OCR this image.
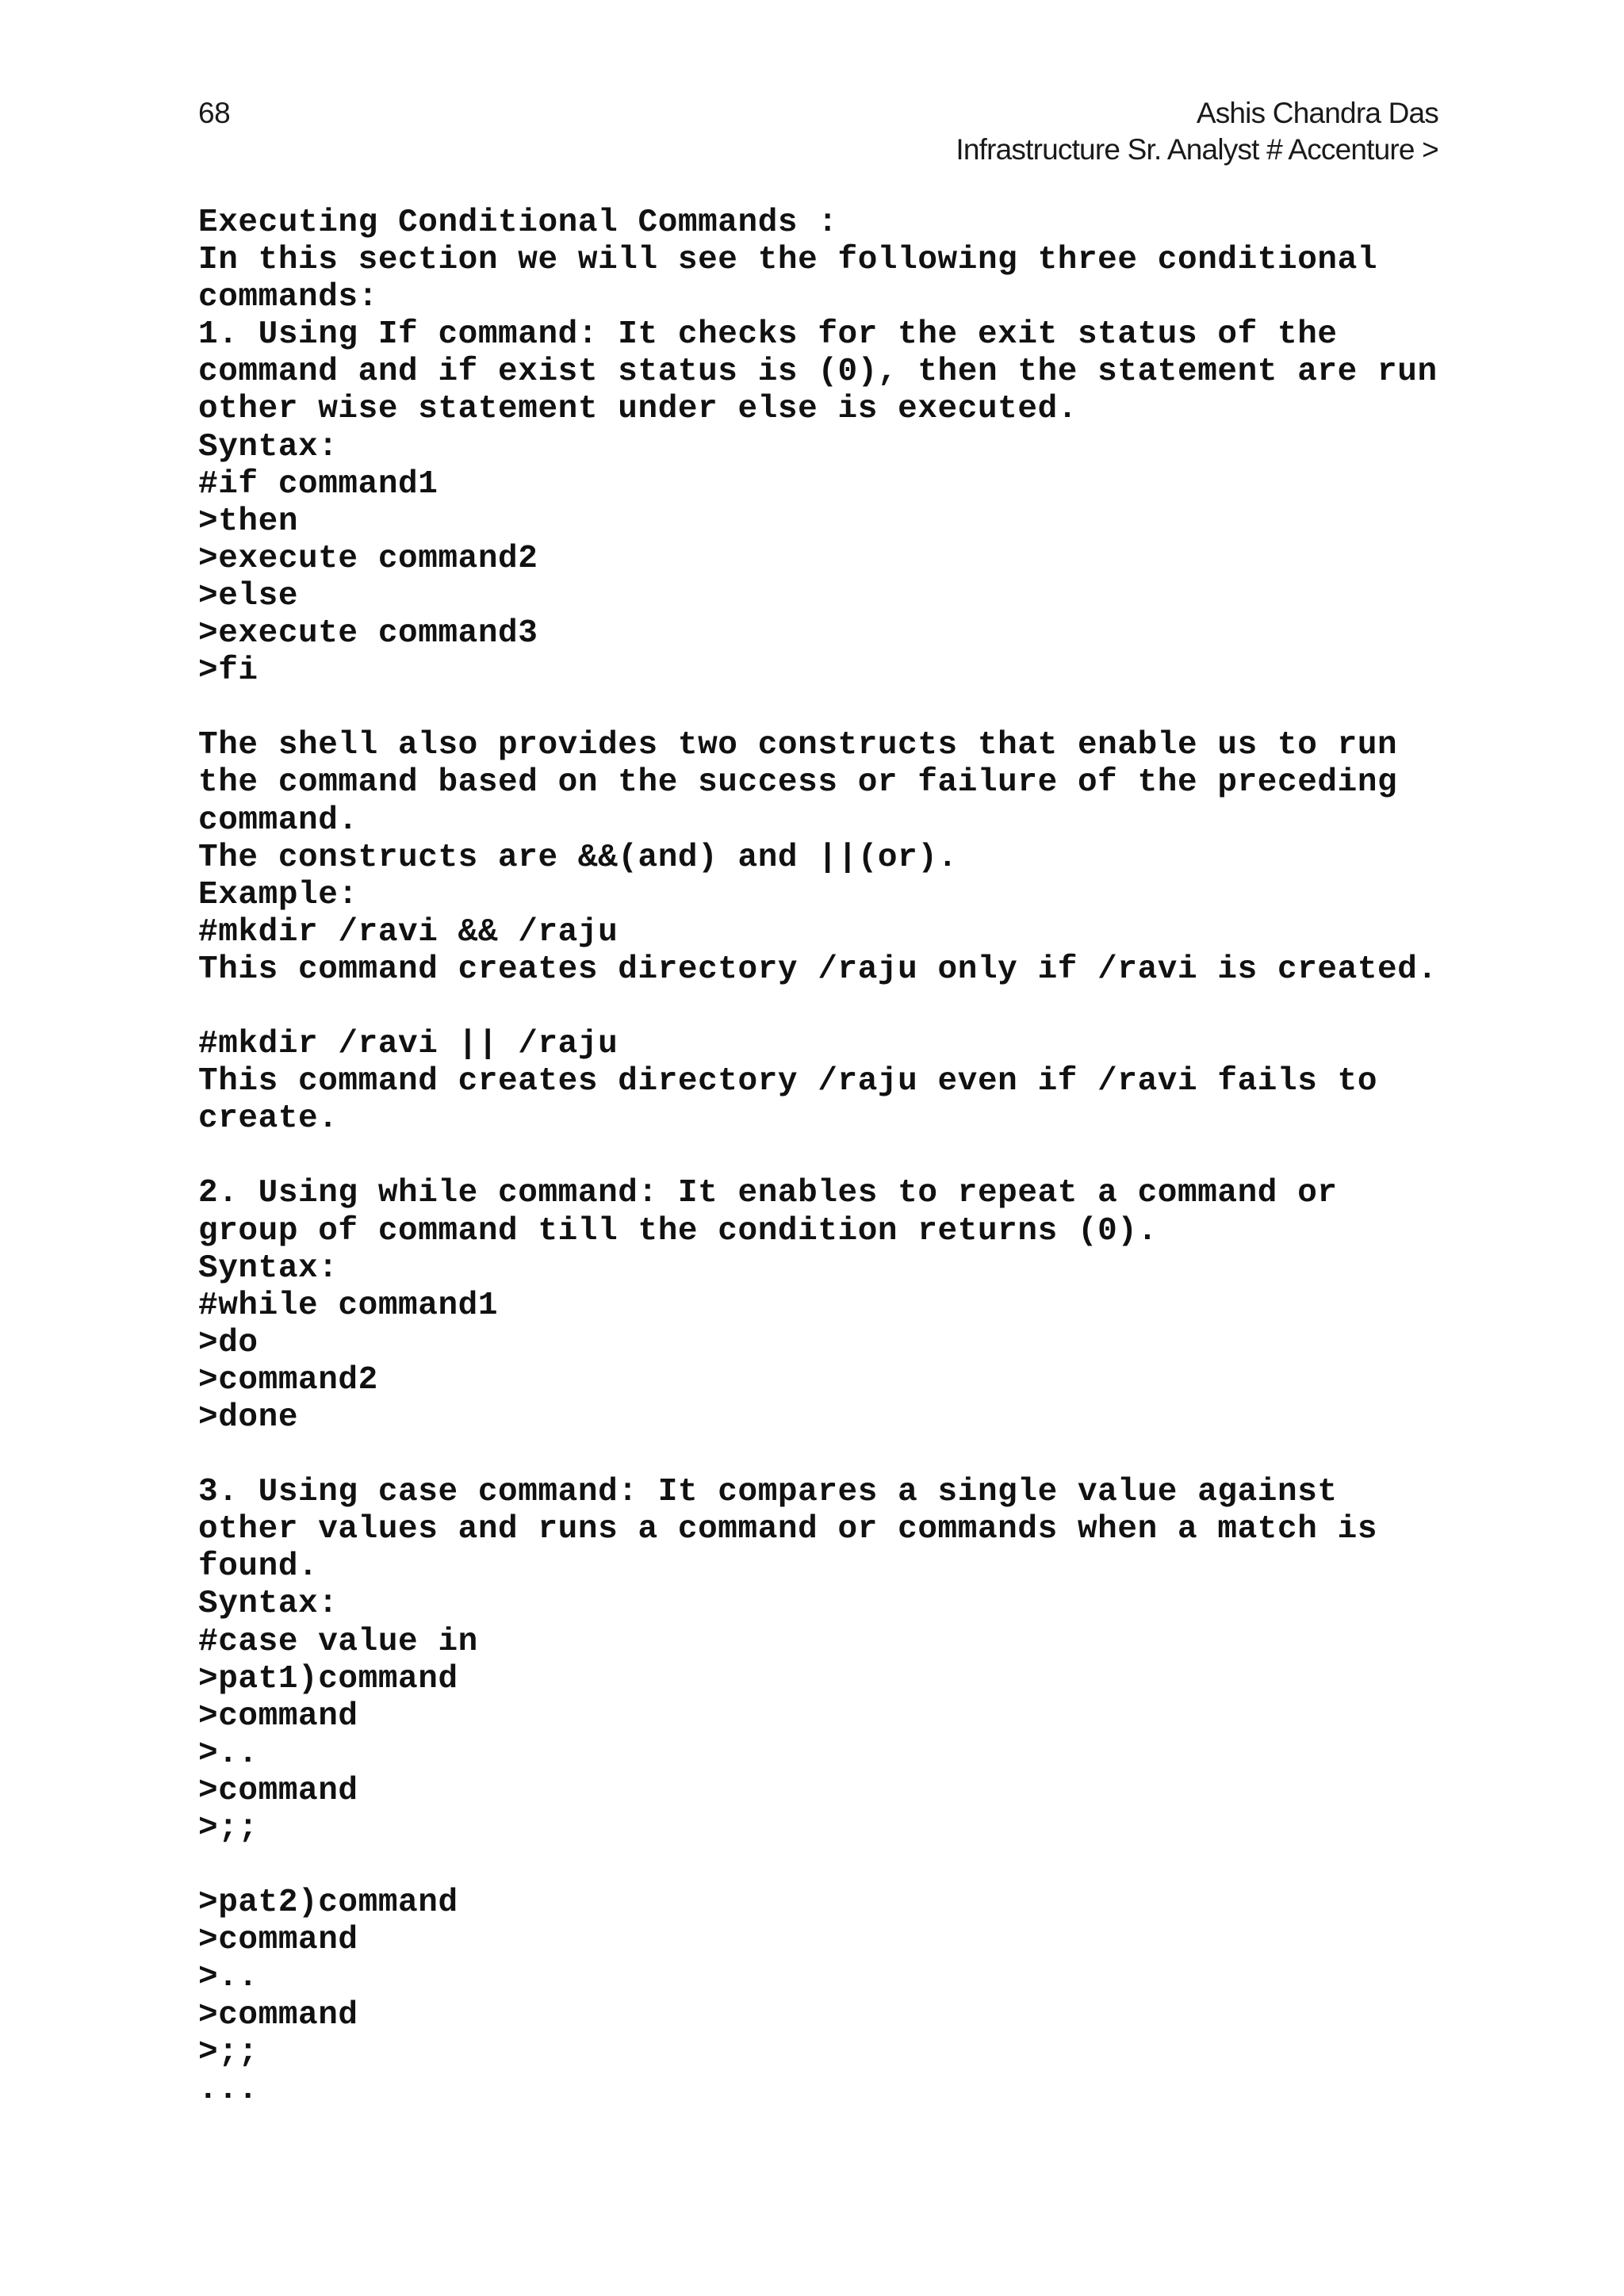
68	Ashis Chandra Das
Infrastructure Sr. Analyst # Accenture >
Executing Conditional Commands :
In this section we will see the following three conditional
commands:
1. Using If command: It checks for the exit status of the
command and if exist status is (0), then the statement are run
other wise statement under else is executed.
Syntax:
#if command1
>then
>execute command2
>else
>execute command3
>fi
The shell also provides two constructs that enable us to run
the command based on the success or failure of the preceding
command.
The constructs are &&(and) and ||(or).
Example:
#mkdir /ravi && /raju
This command creates directory /raju only if /ravi is created.
#mkdir /ravi || /raju
This command creates directory /raju even if /ravi fails to
create.
2. Using while command: It enables to repeat a command or
group of command till the condition returns (0).
Syntax:
#while command1
>do
>command2
>done
3. Using case command: It compares a single value against
other values and runs a command or commands when a match is
found.
Syntax:
#case value in
>pat1)command
>command
>..
>command
>;;
>pat2)command
>command
>..
>command
>;;
...
